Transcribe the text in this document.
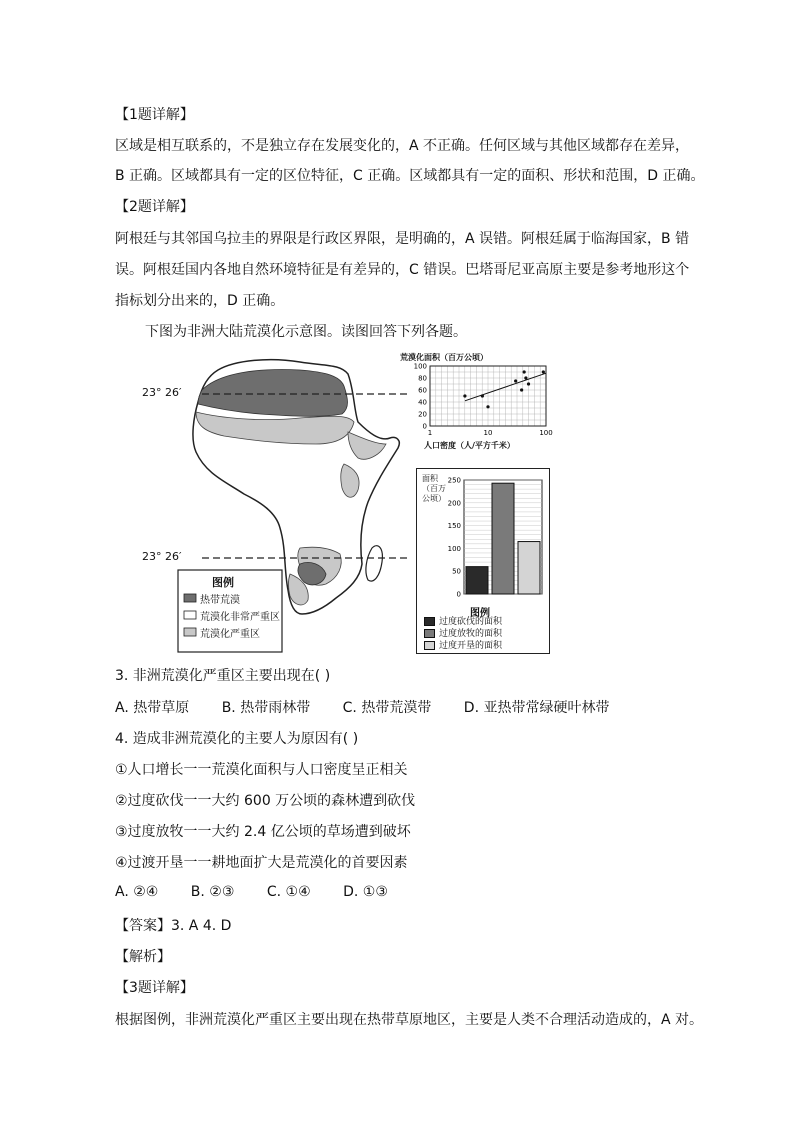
【1题详解】
区域是相互联系的，不是独立存在发展变化的，A 不正确。任何区域与其他区域都存在差异，
B 正确。区域都具有一定的区位特征，C 正确。区域都具有一定的面积、形状和范围，D 正确。
【2题详解】
阿根廷与其邻国乌拉圭的界限是行政区界限，是明确的，A 误错。阿根廷属于临海国家，B 错
误。阿根廷国内各地自然环境特征是有差异的，C 错误。巴塔哥尼亚高原主要是参考地形这个
指标划分出来的，D 正确。
下图为非洲大陆荒漠化示意图。读图回答下列各题。
23° 26′
23° 26′
图例
热带荒漠
荒漠化非常严重区
荒漠化严重区
荒漠化面积（百万公顷）
0
20
40
60
80
100
1	10	100
人口密度（人/平方千米）
面积（百万公顷）
0
50
100
150
200
250
图例
过度砍伐的面积
过度放牧的面积
过度开垦的面积
3. 非洲荒漠化严重区主要出现在( )
A. 热带草原 B. 热带雨林带 C. 热带荒漠带 D. 亚热带常绿硬叶林带
4. 造成非洲荒漠化的主要人为原因有( )
①人口增长一一荒漠化面积与人口密度呈正相关
②过度砍伐一一大约 600 万公顷的森林遭到砍伐
③过度放牧一一大约 2.4 亿公顷的草场遭到破坏
④过渡开垦一一耕地面扩大是荒漠化的首要因素
A. ②④ B. ②③ C. ①④ D. ①③
【答案】3. A 4. D
【解析】
【3题详解】
根据图例，非洲荒漠化严重区主要出现在热带草原地区，主要是人类不合理活动造成的，A 对。
